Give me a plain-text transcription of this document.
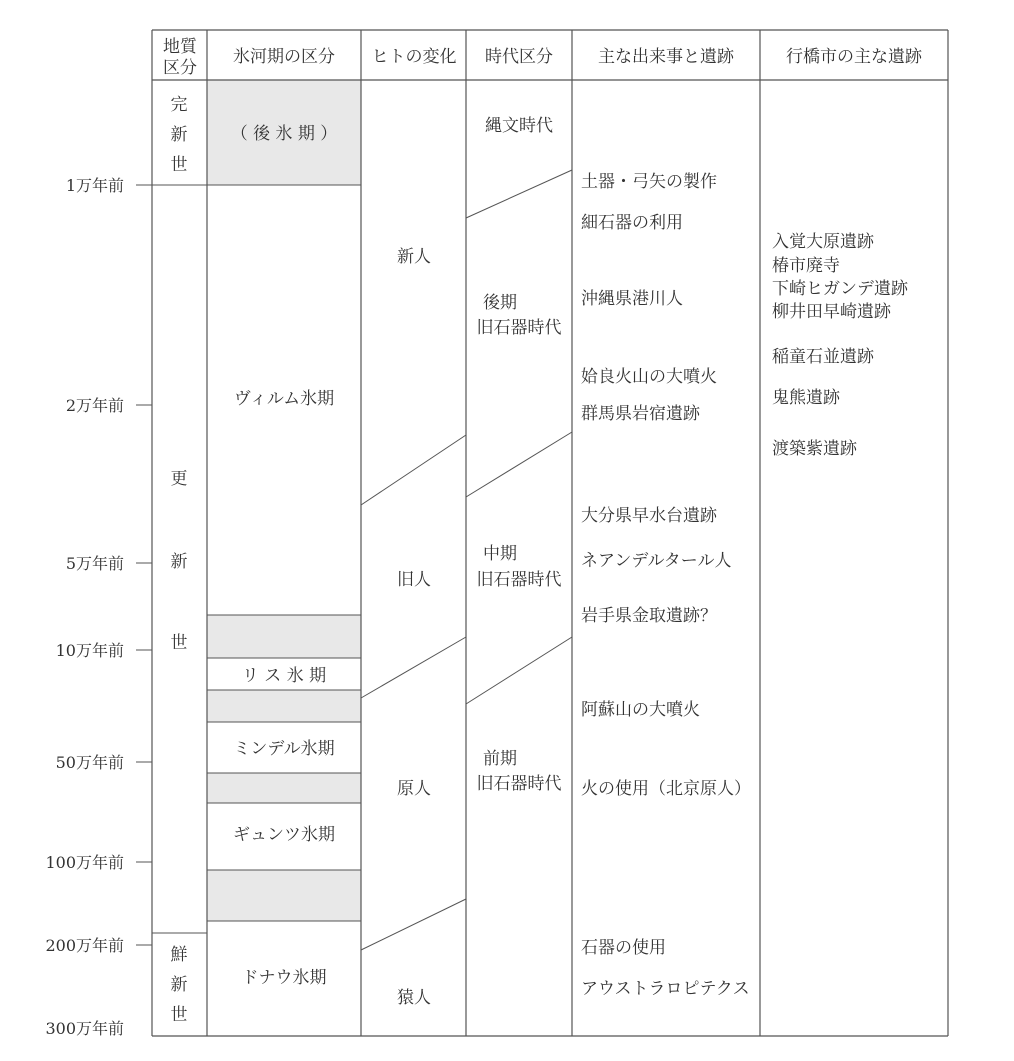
地質
区分
氷河期の区分 ヒトの変化 時代区分	主な出来事と遺跡	行橋市の主な遺跡
1万年前
2万年前
5万年前
10万年前
50万年前
100万年前
200万年前
300万年前
完
新
世
更
新
世
鮮
新
世
（ 後 氷 期 ）
ヴィルム氷期
リ ス 氷 期
ミンデル氷期
ギュンツ氷期
ドナウ氷期
新人
旧人
原人
猿人
縄文時代
後期
旧石器時代
中期
旧石器時代
前期
旧石器時代
土器・弓矢の製作
細石器の利用
沖縄県港川人
姶良火山の大噴火
群馬県岩宿遺跡
大分県早水台遺跡
ネアンデルタール人
岩手県金取遺跡？
阿蘇山の大噴火
火の使用（北京原人）
石器の使用
アウストラロピテクス
入覚大原遺跡
椿市廃寺
下崎ヒガンデ遺跡
柳井田早崎遺跡
稲童石並遺跡
鬼熊遺跡
渡築紫遺跡
